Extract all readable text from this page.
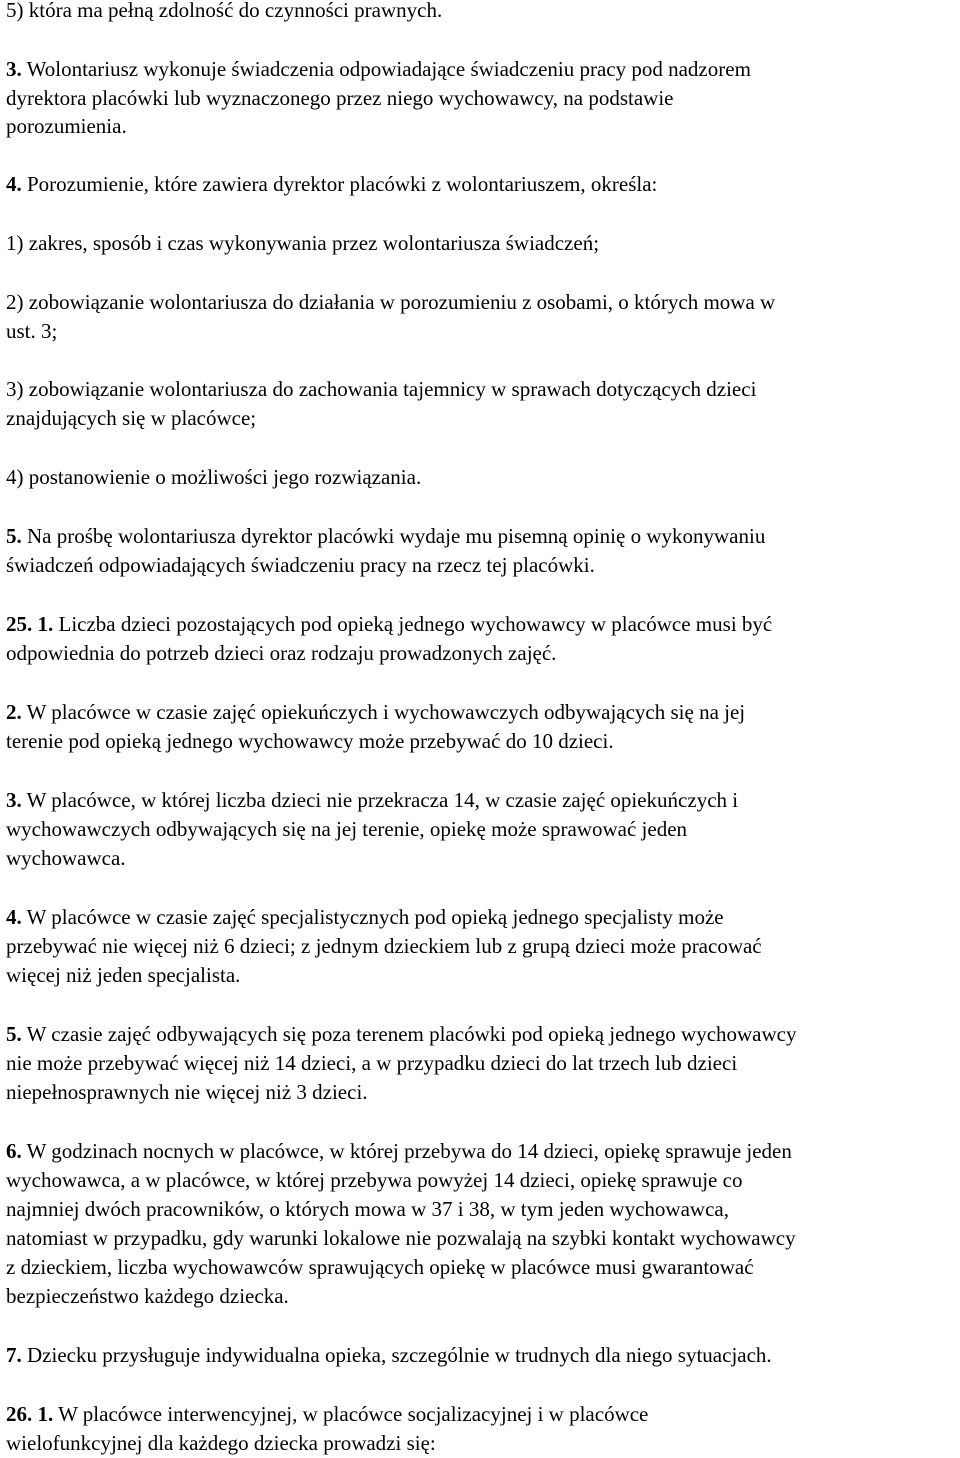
5) która ma pełną zdolność do czynności prawnych.
3. Wolontariusz wykonuje świadczenia odpowiadające świadczeniu pracy pod nadzorem
dyrektora placówki lub wyznaczonego przez niego wychowawcy, na podstawie
porozumienia.
4. Porozumienie, które zawiera dyrektor placówki z wolontariuszem, określa:
1) zakres, sposób i czas wykonywania przez wolontariusza świadczeń;
2) zobowiązanie wolontariusza do działania w porozumieniu z osobami, o których mowa w
ust. 3;
3) zobowiązanie wolontariusza do zachowania tajemnicy w sprawach dotyczących dzieci
znajdujących się w placówce;
4) postanowienie o możliwości jego rozwiązania.
5. Na prośbę wolontariusza dyrektor placówki wydaje mu pisemną opinię o wykonywaniu
świadczeń odpowiadających świadczeniu pracy na rzecz tej placówki.
25. 1. Liczba dzieci pozostających pod opieką jednego wychowawcy w placówce musi być
odpowiednia do potrzeb dzieci oraz rodzaju prowadzonych zajęć.
2. W placówce w czasie zajęć opiekuńczych i wychowawczych odbywających się na jej
terenie pod opieką jednego wychowawcy może przebywać do 10 dzieci.
3. W placówce, w której liczba dzieci nie przekracza 14, w czasie zajęć opiekuńczych i
wychowawczych odbywających się na jej terenie, opiekę może sprawować jeden
wychowawca.
4. W placówce w czasie zajęć specjalistycznych pod opieką jednego specjalisty może
przebywać nie więcej niż 6 dzieci; z jednym dzieckiem lub z grupą dzieci może pracować
więcej niż jeden specjalista.
5. W czasie zajęć odbywających się poza terenem placówki pod opieką jednego wychowawcy
nie może przebywać więcej niż 14 dzieci, a w przypadku dzieci do lat trzech lub dzieci
niepełnosprawnych nie więcej niż 3 dzieci.
6. W godzinach nocnych w placówce, w której przebywa do 14 dzieci, opiekę sprawuje jeden
wychowawca, a w placówce, w której przebywa powyżej 14 dzieci, opiekę sprawuje co
najmniej dwóch pracowników, o których mowa w 37 i 38, w tym jeden wychowawca,
natomiast w przypadku, gdy warunki lokalowe nie pozwalają na szybki kontakt wychowawcy
z dzieckiem, liczba wychowawców sprawujących opiekę w placówce musi gwarantować
bezpieczeństwo każdego dziecka.
7. Dziecku przysługuje indywidualna opieka, szczególnie w trudnych dla niego sytuacjach.
26. 1. W placówce interwencyjnej, w placówce socjalizacyjnej i w placówce
wielofunkcyjnej dla każdego dziecka prowadzi się:
